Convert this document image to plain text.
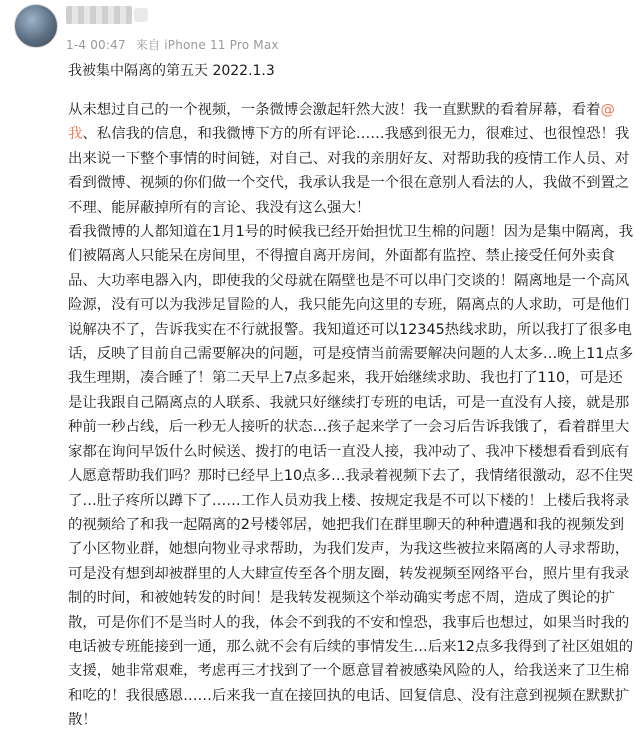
1-4 00:47 来自 iPhone 11 Pro Max
我被集中隔离的第五天 2022.1.3

从未想过自己的一个视频，一条微博会激起轩然大波！我一直默默的看着屏幕，看着@我、私信我的信息，和我微博下方的所有评论……我感到很无力，很难过、也很惶恐！我出来说一下整个事情的时间链，对自己、对我的亲朋好友、对帮助我的疫情工作人员、对看到微博、视频的你们做一个交代，我承认我是一个很在意别人看法的人，我做不到置之不理、能屏蔽掉所有的言论、我没有这么强大！

看我微博的人都知道在1月1号的时候我已经开始担忧卫生棉的问题！因为是集中隔离，我们被隔离人只能呆在房间里，不得擅自离开房间，外面都有监控、禁止接受任何外卖食品、大功率电器入内，即使我的父母就在隔壁也是不可以串门交谈的！隔离地是一个高风险源，没有可以为我涉足冒险的人，我只能先向这里的专班，隔离点的人求助，可是他们说解决不了，告诉我实在不行就报警。我知道还可以12345热线求助，所以我打了很多电话，反映了目前自己需要解决的问题，可是疫情当前需要解决问题的人太多…晚上11点多我生理期，凑合睡了！第二天早上7点多起来，我开始继续求助、我也打了110，可是还是让我跟自己隔离点的人联系、我就只好继续打专班的电话，可是一直没有人接，就是那种前一秒占线，后一秒无人接听的状态…孩子起来学了一会习后告诉我饿了，看着群里大家都在询问早饭什么时候送、拨打的电话一直没人接，我冲动了、我冲下楼想看看到底有人愿意帮助我们吗？那时已经早上10点多…我录着视频下去了，我情绪很激动，忍不住哭了…肚子疼所以蹲下了……工作人员劝我上楼、按规定我是不可以下楼的！上楼后我将录的视频给了和我一起隔离的2号楼邻居，她把我们在群里聊天的种种遭遇和我的视频发到了小区物业群，她想向物业寻求帮助，为我们发声，为我这些被拉来隔离的人寻求帮助，可是没有想到却被群里的人大肆宣传至各个朋友圈，转发视频至网络平台，照片里有我录制的时间，和被她转发的时间！是我转发视频这个举动确实考虑不周，造成了舆论的扩散，可是你们不是当时人的我，体会不到我的不安和惶恐，我事后也想过，如果当时我的电话被专班能接到一通，那么就不会有后续的事情发生…后来12点多我得到了社区姐姐的支援，她非常艰难，考虑再三才找到了一个愿意冒着被感染风险的人，给我送来了卫生棉和吃的！我很感恩……后来我一直在接回执的电话、回复信息、没有注意到视频在默默扩散！
